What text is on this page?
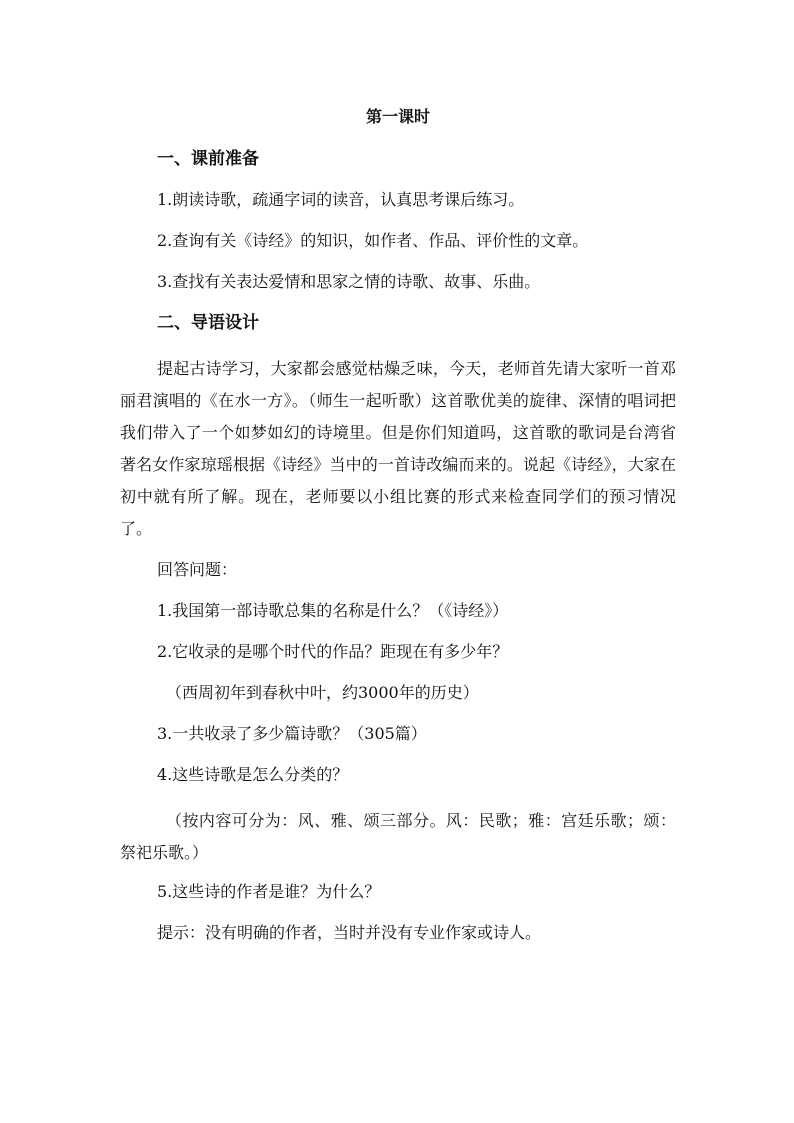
第一课时
一、课前准备
1.朗读诗歌，疏通字词的读音，认真思考课后练习。
2.查询有关《诗经》的知识，如作者、作品、评价性的文章。
3.查找有关表达爱情和思家之情的诗歌、故事、乐曲。
二、导语设计
提起古诗学习，大家都会感觉枯燥乏味，今天，老师首先请大家听一首邓丽君演唱的《在水一方》。（师生一起听歌）这首歌优美的旋律、深情的唱词把我们带入了一个如梦如幻的诗境里。但是你们知道吗，这首歌的歌词是台湾省著名女作家琼瑶根据《诗经》当中的一首诗改编而来的。说起《诗经》，大家在初中就有所了解。现在，老师要以小组比赛的形式来检查同学们的预习情况了。
回答问题：
1.我国第一部诗歌总集的名称是什么？（《诗经》）
2.它收录的是哪个时代的作品？距现在有多少年？
（西周初年到春秋中叶，约3000年的历史）
3.一共收录了多少篇诗歌？（305篇）
4.这些诗歌是怎么分类的？
（按内容可分为：风、雅、颂三部分。风：民歌；雅：宫廷乐歌；颂：祭祀乐歌。）
5.这些诗的作者是谁？为什么？
提示：没有明确的作者，当时并没有专业作家或诗人。
